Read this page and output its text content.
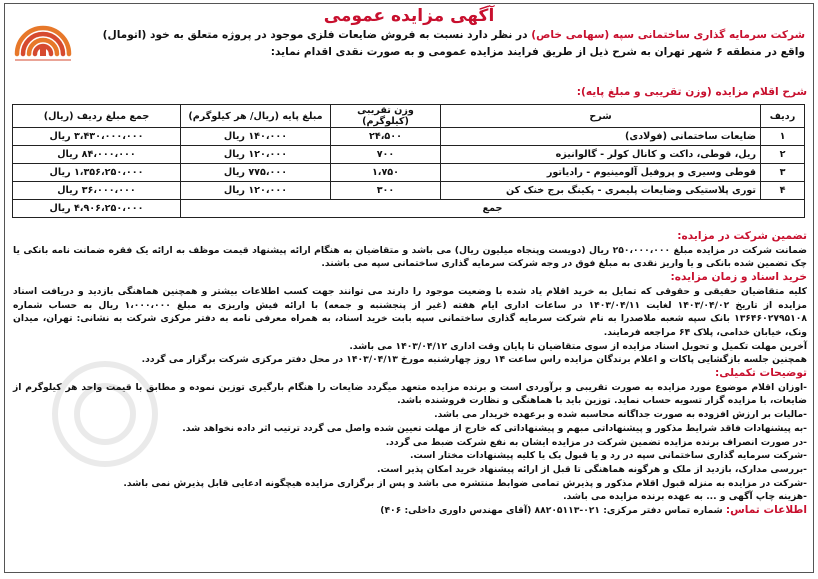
آگهی مزایده عمومی
شرکت سرمایه گذاری ساختمانی سپه (سهامی خاص) در نظر دارد نسبت به فروش ضایعات فلزی موجود در پروژه متعلق به خود (اتومال) واقع در منطقه ۶ شهر تهران به شرح ذیل از طریق فرایند مزایده عمومی و به صورت نقدی اقدام نماید:
شرح اقلام مزایده (وزن تقریبی و مبلغ پایه):
ردیف	شرح	وزن تقریبی (کیلوگرم)	مبلغ پایه (ریال/ هر کیلوگرم)	جمع مبلغ ردیف (ریال)
۱	ضایعات ساختمانی (فولادی)	۲۴،۵۰۰	۱۴۰،۰۰۰ ریال	۳،۴۳۰،۰۰۰،۰۰۰ ریال
۲	ریل، قوطی، داکت و کانال کولر - گالوانیزه	۷۰۰	۱۲۰،۰۰۰ ریال	۸۴،۰۰۰،۰۰۰ ریال
۳	قوطی وسیری و پروفیل آلومینیوم - رادیاتور	۱،۷۵۰	۷۷۵،۰۰۰ ریال	۱،۳۵۶،۲۵۰،۰۰۰ ریال
۴	توری پلاستیکی وضایعات پلیمری - پکینگ برج خنک کن	۳۰۰	۱۲۰،۰۰۰ ریال	۳۶،۰۰۰،۰۰۰ ریال
جمع				۴،۹۰۶،۲۵۰،۰۰۰ ریال

تضمین شرکت در مزایده:

ضمانت شرکت در مزایده مبلغ ۲۵۰،۰۰۰،۰۰۰ ریال (دویست وپنجاه میلیون ریال) می باشد و متقاضیان به هنگام ارائه پیشنهاد قیمت موظف به ارائه یک فقره ضمانت نامه بانکی یا چک تضمین شده بانکی و یا واریز نقدی به مبلغ فوق در وجه شرکت سرمایه گذاری ساختمانی سپه می باشند.

خرید اسناد و زمان مزایده:

کلیه متقاضیان حقیقی و حقوقی که تمایل به خرید اقلام یاد شده با وضعیت موجود را دارند می توانند جهت کسب اطلاعات بیشتر و همچنین هماهنگی بازدید و دریافت اسناد مزایده از تاریخ ۱۴۰۳/۰۴/۰۲ لغایت ۱۴۰۳/۰۴/۱۱ در ساعات اداری ایام هفته (غیر از پنجشنبه و جمعه) با ارائه فیش واریزی به مبلغ ۱،۰۰۰،۰۰۰ ریال به حساب شماره ۱۳۶۴۶۰۲۷۹۵۱۰۸ بانک سپه شعبه ملاصدرا به نام شرکت سرمایه گذاری ساختمانی سپه بابت خرید اسناد، به همراه معرفی نامه به دفتر مرکزی شرکت به نشانی: تهران، میدان ونک، خیابان خدامی، پلاک ۶۴ مراجعه فرمایند.

آخرین مهلت تکمیل و تحویل اسناد مزایده از سوی متقاضیان تا پایان وقت اداری ۱۴۰۳/۰۴/۱۲ می باشد.

همچنین جلسه بازگشایی پاکات و اعلام برندگان مزایده راس ساعت ۱۴ روز چهارشنبه مورخ ۱۴۰۳/۰۴/۱۳ در محل دفتر مرکزی شرکت برگزار می گردد.

توضیحات تکمیلی:

-اوزان اقلام موضوع مورد مزایده به صورت تقریبی و برآوردی است و برنده مزایده متعهد میگردد ضایعات را هنگام بارگیری توزین نموده و مطابق با قیمت واحد هر کیلوگرم از ضایعات، با مزایده گزار تسویه حساب نماید. توزین باید با هماهنگی و نظارت فروشنده باشد.

-مالیات بر ارزش افزوده به صورت جداگانه محاسبه شده و برعهده خریدار می باشد.

-به پیشنهادات فاقد شرایط مذکور و پیشنهاداتی مبهم و پیشنهاداتی که خارج از مهلت تعیین شده واصل می گردد ترتیب اثر داده نخواهد شد.

-در صورت انصراف برنده مزایده تضمین شرکت در مزایده ایشان به نفع شرکت ضبط می گردد.

-شرکت سرمایه گذاری ساختمانی سپه در رد و یا قبول یک یا کلیه پیشنهادات مختار است.

-بررسی مدارک، بازدید از ملک و هرگونه هماهنگی تا قبل از ارائه پیشنهاد خرید امکان پذیر است.

-شرکت در مزایده به منزله قبول اقلام مذکور و پذیرش تمامی ضوابط منتشره می باشد و پس از برگزاری مزایده هیچگونه ادعایی قابل پذیرش نمی باشد.

-هزینه چاپ آگهی و ... به عهده برنده مزایده می باشد.

اطلاعات تماس: شماره تماس دفتر مرکزی: ۰۲۱-۸۸۲۰۵۱۱۳ (آقای مهندس داوری داخلی: ۴۰۶)
